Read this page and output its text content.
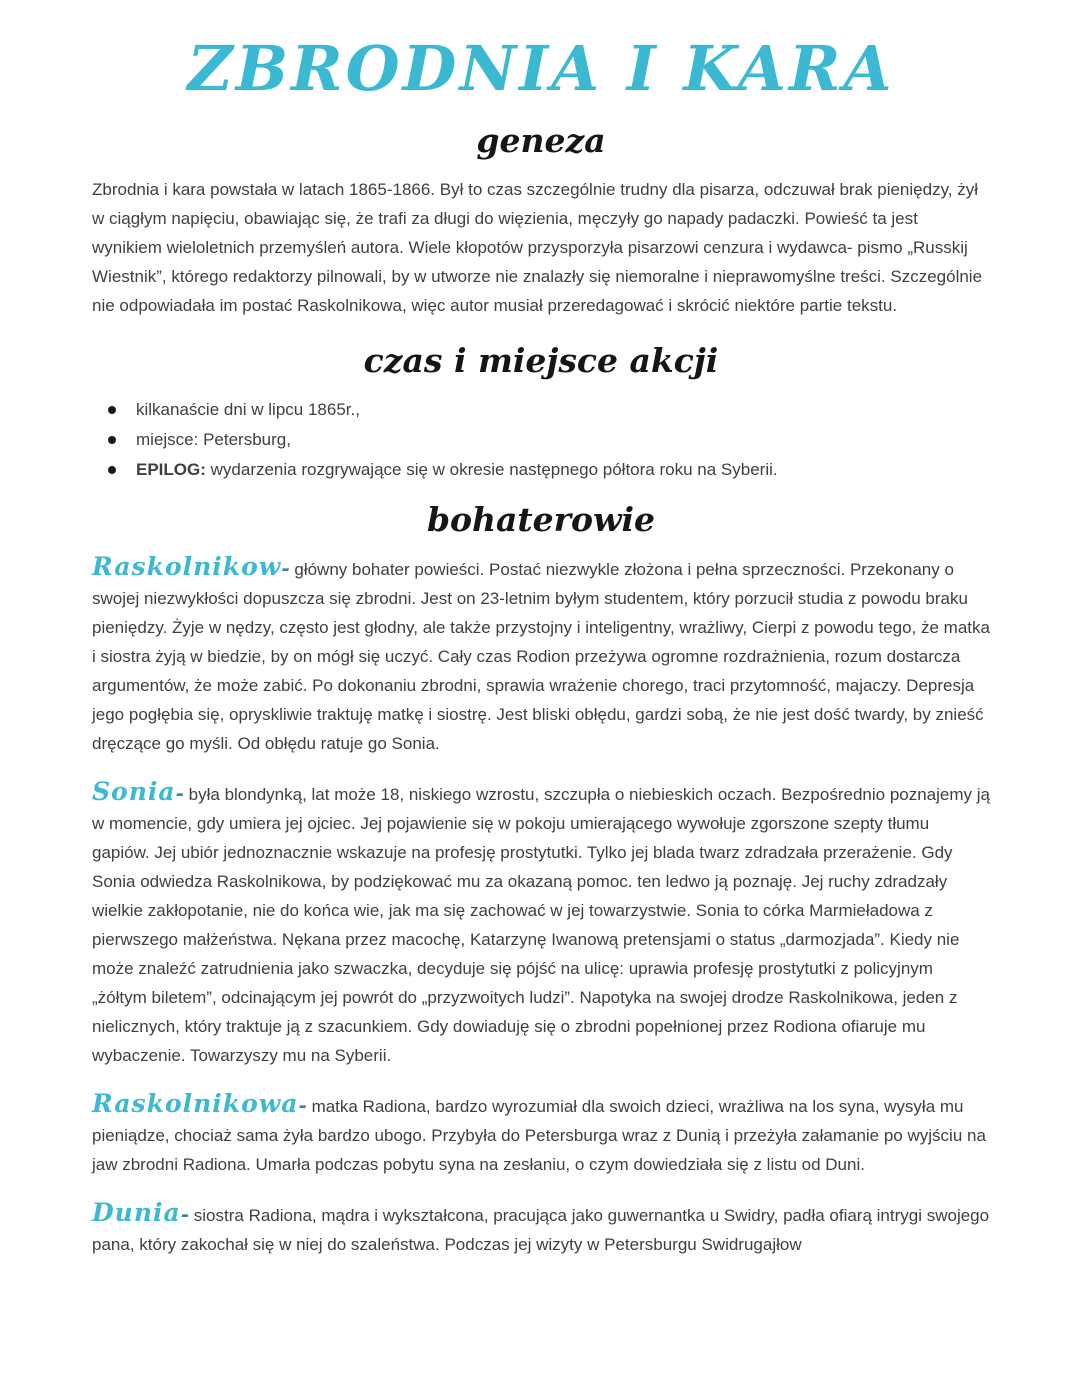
ZBRODNIA I KARA
geneza

Zbrodnia i kara powstała w latach 1865-1866. Był to czas szczególnie trudny dla pisarza, odczuwał brak pieniędzy, żył w ciągłym napięciu, obawiając się, że trafi za długi do więzienia, męczyły go napady padaczki. Powieść ta jest wynikiem wieloletnich przemyśleń autora. Wiele kłopotów przysporzyła pisarzowi cenzura i wydawca- pismo „Russkij Wiestnik”, którego redaktorzy pilnowali, by w utworze nie znalazły się niemoralne i nieprawomyślne treści. Szczególnie nie odpowiadała im postać Raskolnikowa, więc autor musiał przeredagować i skrócić niektóre partie tekstu.

czas i miejsce akcji
kilkanaście dni w lipcu 1865r.,
miejsce: Petersburg,
EPILOG: wydarzenia rozgrywające się w okresie następnego półtora roku na Syberii.
bohaterowie

Raskolnikow- główny bohater powieści. Postać niezwykle złożona i pełna sprzeczności. Przekonany o swojej niezwykłości dopuszcza się zbrodni. Jest on 23-letnim byłym studentem, który porzucił studia z powodu braku pieniędzy. Żyje w nędzy, często jest głodny, ale także przystojny i inteligentny, wrażliwy, Cierpi z powodu tego, że matka i siostra żyją w biedzie, by on mógł się uczyć. Cały czas Rodion przeżywa ogromne rozdrażnienia, rozum dostarcza argumentów, że może zabić. Po dokonaniu zbrodni, sprawia wrażenie chorego, traci przytomność, majaczy. Depresja jego pogłębia się, opryskliwie traktuję matkę i siostrę. Jest bliski obłędu, gardzi sobą, że nie jest dość twardy, by znieść dręczące go myśli. Od obłędu ratuje go Sonia.

Sonia- była blondynką, lat może 18, niskiego wzrostu, szczupła o niebieskich oczach. Bezpośrednio poznajemy ją w momencie, gdy umiera jej ojciec. Jej pojawienie się w pokoju umierającego wywołuje zgorszone szepty tłumu gapiów. Jej ubiór jednoznacznie wskazuje na profesję prostytutki. Tylko jej blada twarz zdradzała przerażenie. Gdy Sonia odwiedza Raskolnikowa, by podziękować mu za okazaną pomoc. ten ledwo ją poznaję. Jej ruchy zdradzały wielkie zakłopotanie, nie do końca wie, jak ma się zachować w jej towarzystwie. Sonia to córka Marmieładowa z pierwszego małżeństwa. Nękana przez macochę, Katarzynę Iwanową pretensjami o status „darmozjada”. Kiedy nie może znaleźć zatrudnienia jako szwaczka, decyduje się pójść na ulicę: uprawia profesję prostytutki z policyjnym „żółtym biletem”, odcinającym jej powrót do „przyzwoitych ludzi”. Napotyka na swojej drodze Raskolnikowa, jeden z nielicznych, który traktuje ją z szacunkiem. Gdy dowiaduję się o zbrodni popełnionej przez Rodiona ofiaruje mu wybaczenie. Towarzyszy mu na Syberii.

Raskolnikowa- matka Radiona, bardzo wyrozumiał dla swoich dzieci, wrażliwa na los syna, wysyła mu pieniądze, chociaż sama żyła bardzo ubogo. Przybyła do Petersburga wraz z Dunią i przeżyła załamanie po wyjściu na jaw zbrodni Radiona. Umarła podczas pobytu syna na zesłaniu, o czym dowiedziała się z listu od Duni.

Dunia- siostra Radiona, mądra i wykształcona, pracująca jako guwernantka u Swidry, padła ofiarą intrygi swojego pana, który zakochał się w niej do szaleństwa. Podczas jej wizyty w Petersburgu Swidrugajłow
